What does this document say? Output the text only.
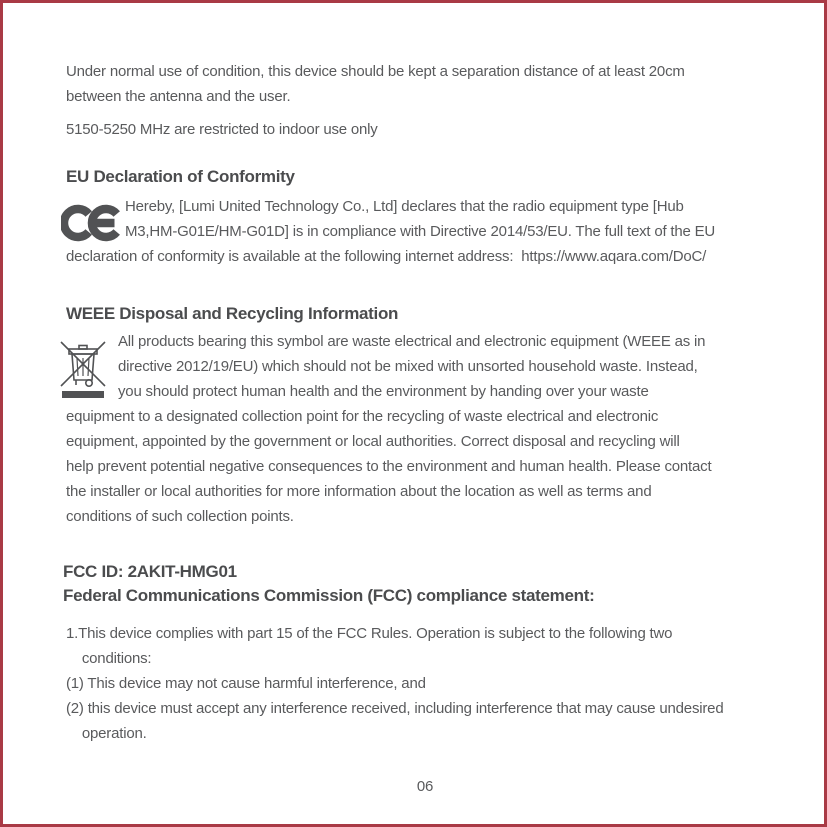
Under normal use of condition, this device should be kept a separation distance of at least 20cm
between the antenna and the user.
5150-5250 MHz are restricted to indoor use only
EU Declaration of Conformity
Hereby, [Lumi United Technology Co., Ltd] declares that the radio equipment type [Hub
M3,HM-G01E/HM-G01D] is in compliance with Directive 2014/53/EU. The full text of the EU
declaration of conformity is available at the following internet address:  https://www.aqara.com/DoC/
WEEE Disposal and Recycling Information
All products bearing this symbol are waste electrical and electronic equipment (WEEE as in
directive 2012/19/EU) which should not be mixed with unsorted household waste. Instead,
you should protect human health and the environment by handing over your waste
equipment to a designated collection point for the recycling of waste electrical and electronic
equipment, appointed by the government or local authorities. Correct disposal and recycling will
help prevent potential negative consequences to the environment and human health. Please contact
the installer or local authorities for more information about the location as well as terms and
conditions of such collection points.
FCC ID: 2AKIT-HMG01
Federal Communications Commission (FCC) compliance statement:
1.This device complies with part 15 of the FCC Rules. Operation is subject to the following two
conditions:
(1) This device may not cause harmful interference, and
(2) this device must accept any interference received, including interference that may cause undesired
operation.
06
